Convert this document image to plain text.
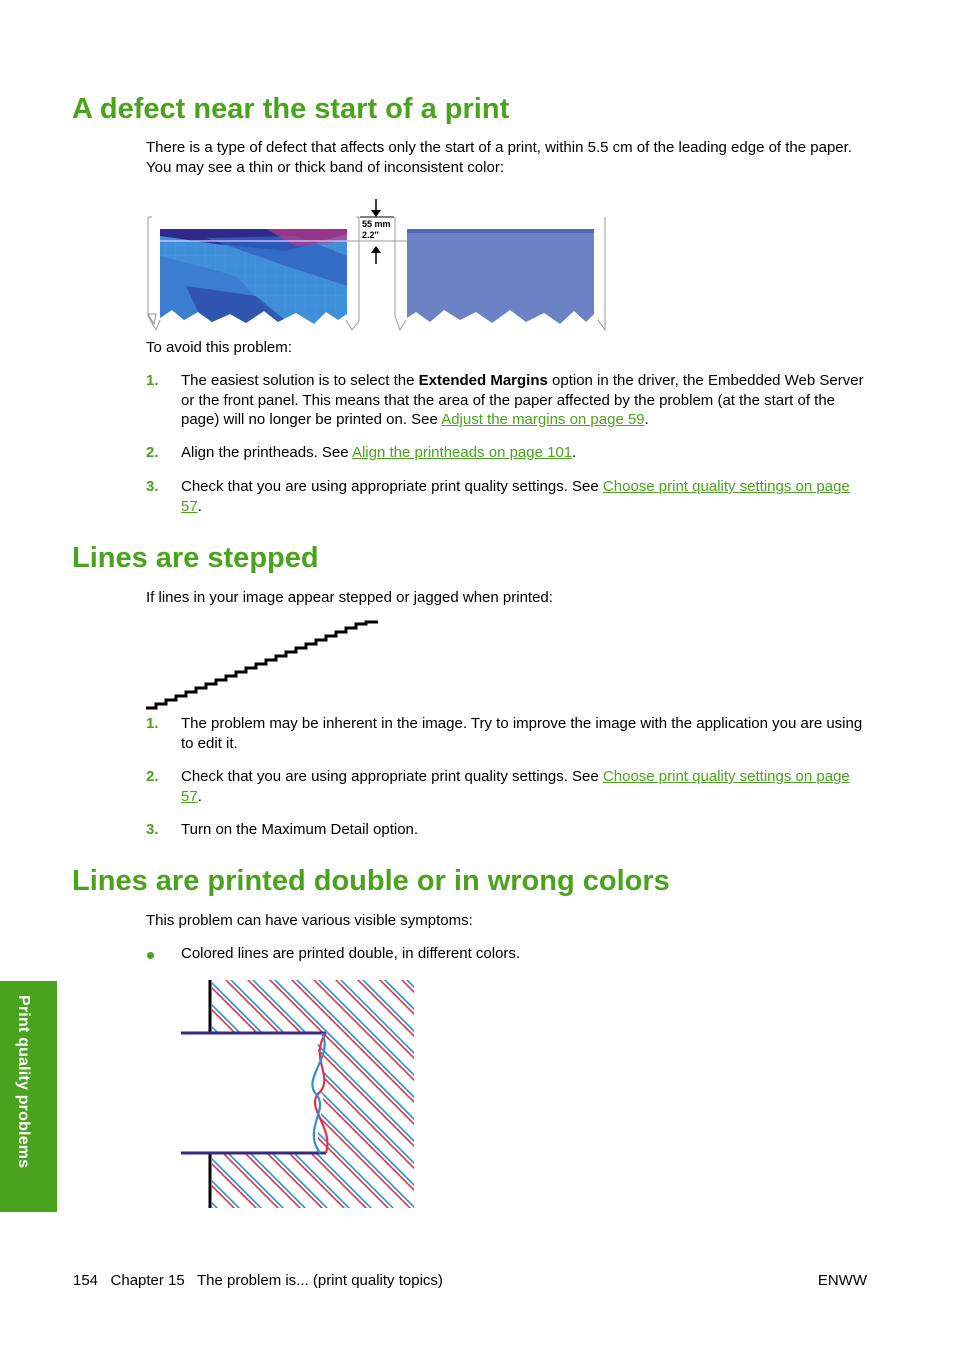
A defect near the start of a print
There is a type of defect that affects only the start of a print, within 5.5 cm of the leading edge of the paper. You may see a thin or thick band of inconsistent color:
55 mm
2.2″
To avoid this problem:
1. The easiest solution is to select the Extended Margins option in the driver, the Embedded Web Server or the front panel. This means that the area of the paper affected by the problem (at the start of the page) will no longer be printed on. See Adjust the margins on page 59.
2. Align the printheads. See Align the printheads on page 101.
3. Check that you are using appropriate print quality settings. See Choose print quality settings on page 57.
Lines are stepped
If lines in your image appear stepped or jagged when printed:
1. The problem may be inherent in the image. Try to improve the image with the application you are using to edit it.
2. Check that you are using appropriate print quality settings. See Choose print quality settings on page 57.
3. Turn on the Maximum Detail option.
Lines are printed double or in wrong colors
This problem can have various visible symptoms:
Colored lines are printed double, in different colors.
Print quality problems
154   Chapter 15   The problem is... (print quality topics)	ENWW
